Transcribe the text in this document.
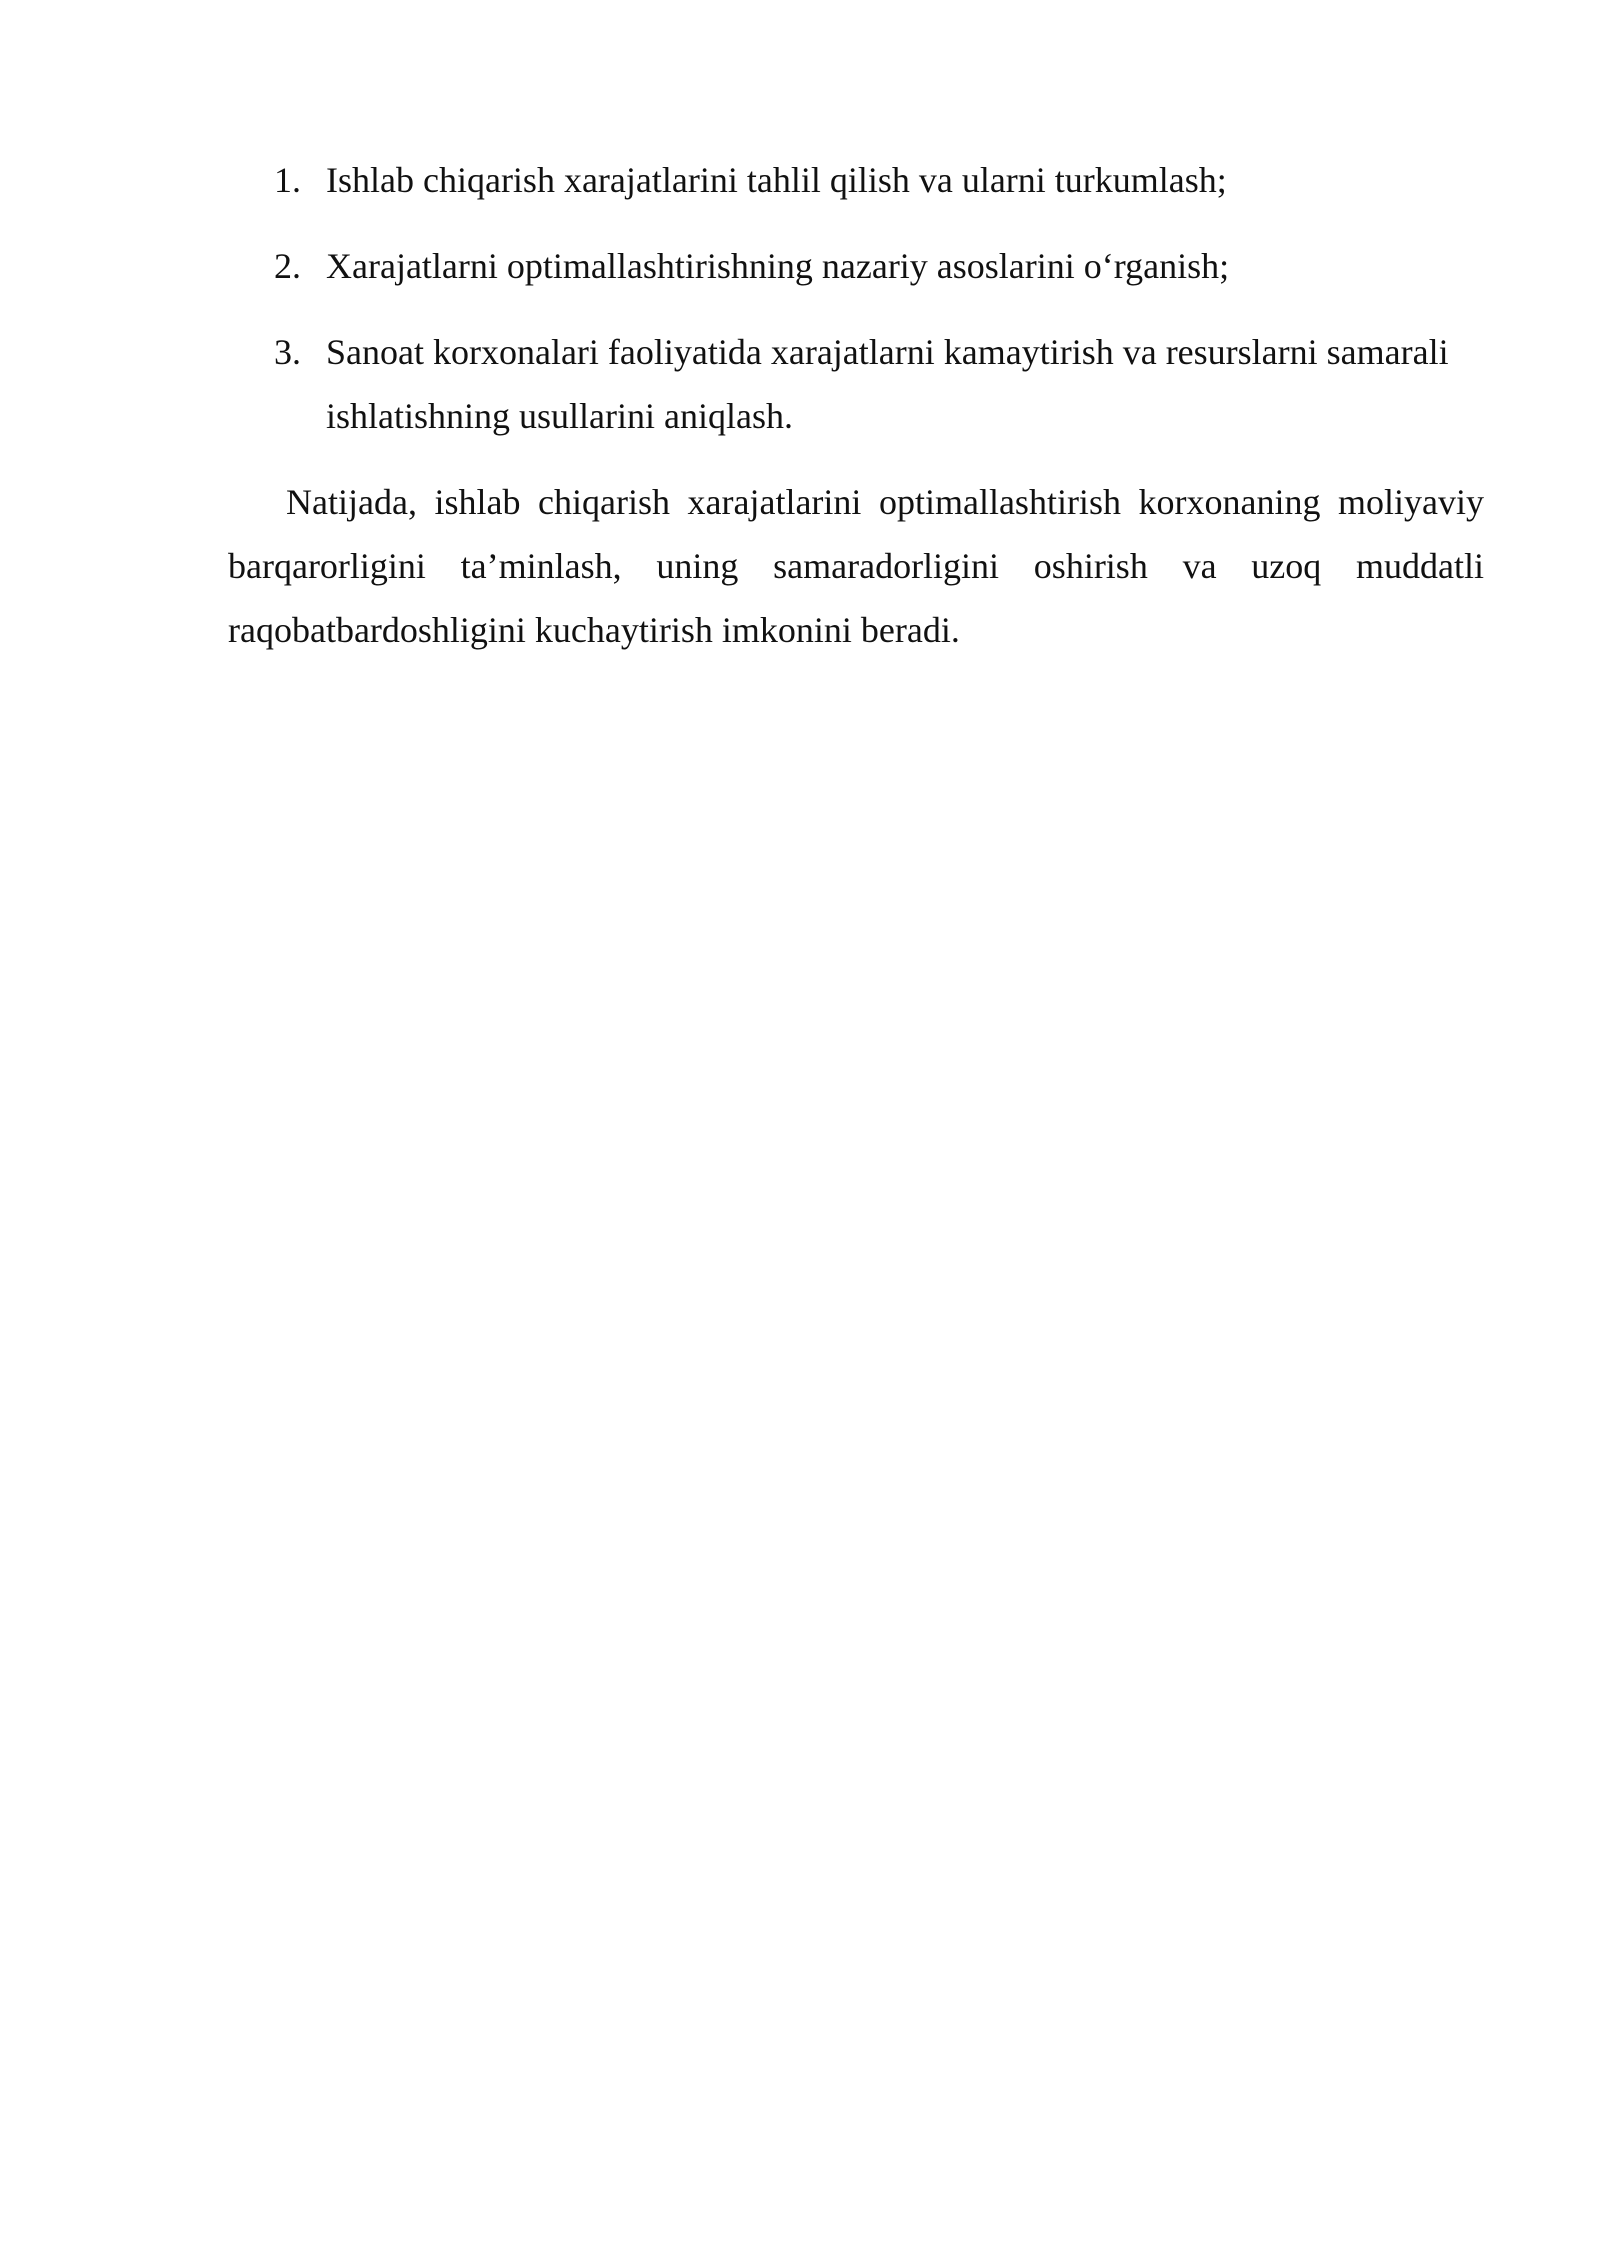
1. Ishlab chiqarish xarajatlarini tahlil qilish va ularni turkumlash;
2. Xarajatlarni optimallashtirishning nazariy asoslarini o‘rganish;
3. Sanoat korxonalari faoliyatida xarajatlarni kamaytirish va resurslarni samarali ishlatishning usullarini aniqlash.

Natijada, ishlab chiqarish xarajatlarini optimallashtirish korxonaning moliyaviy barqarorligini ta’minlash, uning samaradorligini oshirish va uzoq muddatli raqobatbardoshligini kuchaytirish imkonini beradi.
